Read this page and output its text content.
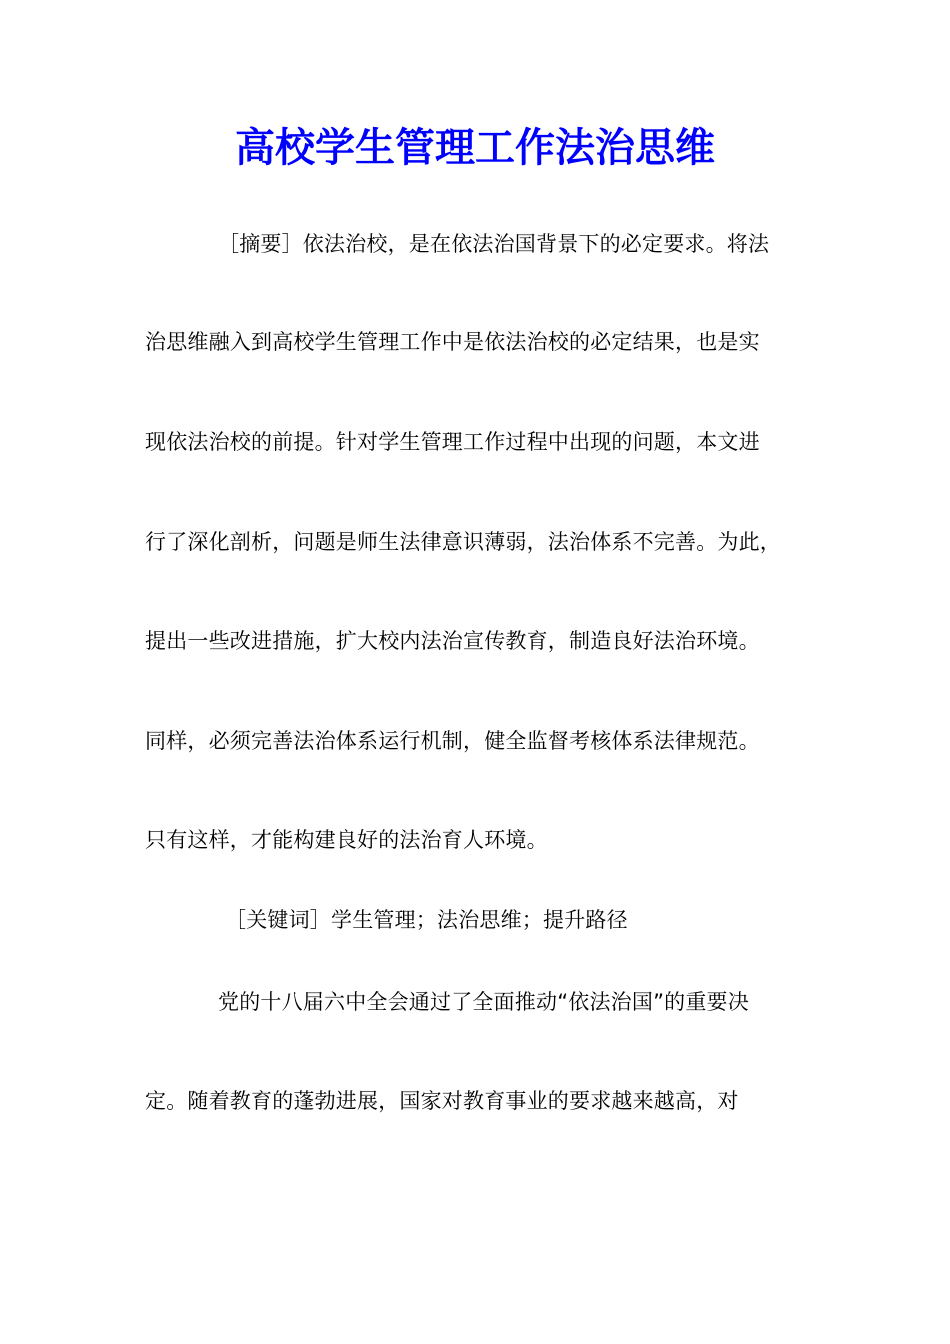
高校学生管理工作法治思维
［摘要］依法治校，是在依法治国背景下的必定要求。将法
治思维融入到高校学生管理工作中是依法治校的必定结果，也是实
现依法治校的前提。针对学生管理工作过程中出现的问题，本文进
行了深化剖析，问题是师生法律意识薄弱，法治体系不完善。为此，
提出一些改进措施，扩大校内法治宣传教育，制造良好法治环境。
同样，必须完善法治体系运行机制，健全监督考核体系法律规范。
只有这样，才能构建良好的法治育人环境。
［关键词］学生管理；法治思维；提升路径
党的十八届六中全会通过了全面推动“依法治国”的重要决
定。随着教育的蓬勃进展，国家对教育事业的要求越来越高，对
